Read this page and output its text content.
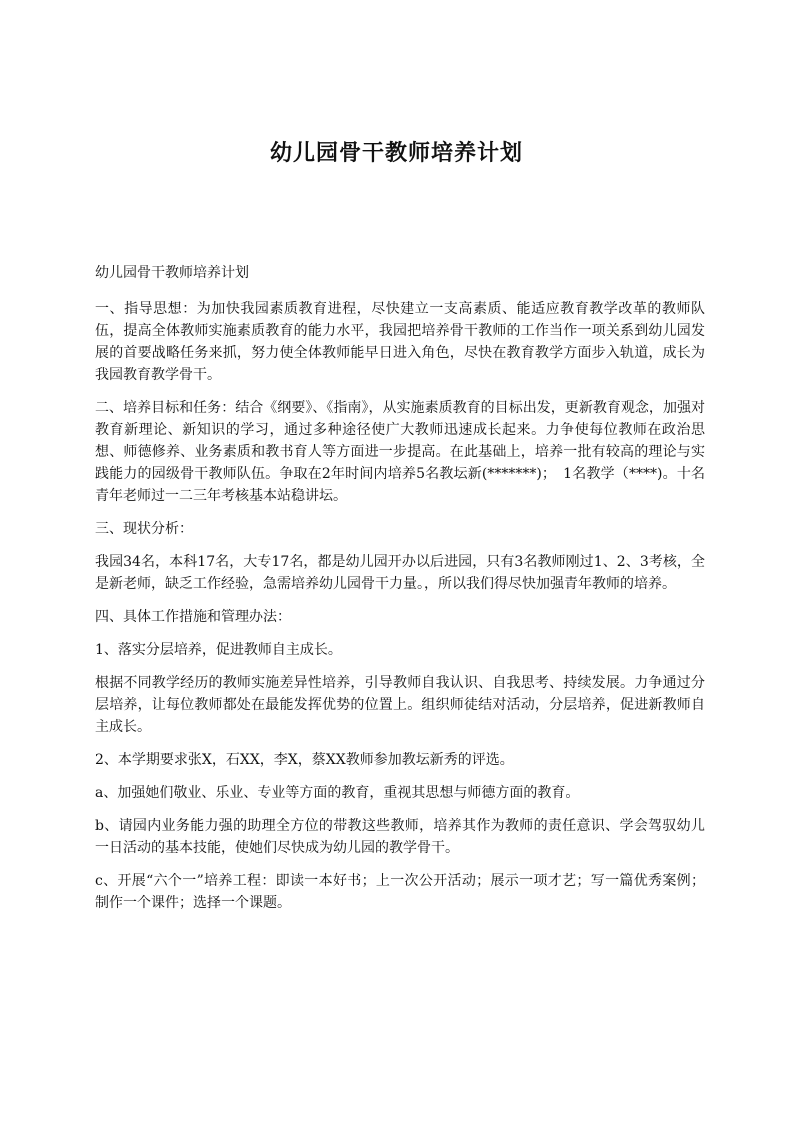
幼儿园骨干教师培养计划

幼儿园骨干教师培养计划

一、指导思想：为加快我园素质教育进程，尽快建立一支高素质、能适应教育教学改革的教师队伍，提高全体教师实施素质教育的能力水平，我园把培养骨干教师的工作当作一项关系到幼儿园发展的首要战略任务来抓，努力使全体教师能早日进入角色，尽快在教育教学方面步入轨道，成长为我园教育教学骨干。

二、培养目标和任务：结合《纲要》、《指南》，从实施素质教育的目标出发，更新教育观念，加强对教育新理论、新知识的学习，通过多种途径使广大教师迅速成长起来。力争使每位教师在政治思想、师德修养、业务素质和教书育人等方面进一步提高。在此基础上，培养一批有较高的理论与实践能力的园级骨干教师队伍。争取在2年时间内培养5名教坛新(*******)；　1名教学（****)。十名青年老师过一二三年考核基本站稳讲坛。

三、现状分析：

我园34名，本科17名，大专17名，都是幼儿园开办以后进园，只有3名教师刚过1、2、3考核，全是新老师，缺乏工作经验，急需培养幼儿园骨干力量。，所以我们得尽快加强青年教师的培养。

四、具体工作措施和管理办法：

1、落实分层培养，促进教师自主成长。

根据不同教学经历的教师实施差异性培养，引导教师自我认识、自我思考、持续发展。力争通过分层培养，让每位教师都处在最能发挥优势的位置上。组织师徒结对活动，分层培养，促进新教师自主成长。

2、本学期要求张X，石XX，李X，蔡XX教师参加教坛新秀的评选。

a、加强她们敬业、乐业、专业等方面的教育，重视其思想与师德方面的教育。

b、请园内业务能力强的助理全方位的带教这些教师，培养其作为教师的责任意识、学会驾驭幼儿一日活动的基本技能，使她们尽快成为幼儿园的教学骨干。

c、开展“六个一”培养工程：即读一本好书；上一次公开活动；展示一项才艺；写一篇优秀案例；制作一个课件；选择一个课题。
